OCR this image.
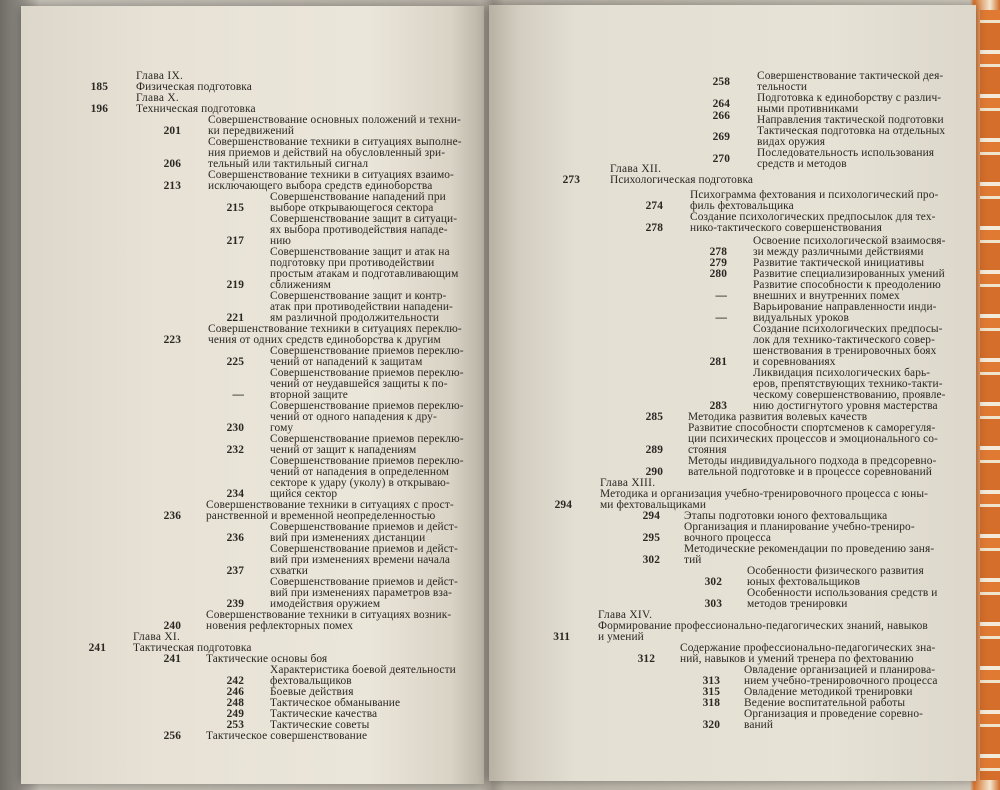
Глава IX.
185 Физическая подготовка
Глава X.
196 Техническая подготовка
Совершенствование основных положений и техни-
ки передвижений
201
Совершенствование техники в ситуациях выполне-
ния приемов и действий на обусловленный зри-
тельный или тактильный сигнал
206
Совершенствование техники в ситуациях взаимо-
213 исключающего выбора средств единоборства
Совершенствование нападений при
215 выборе открывающегося сектора
Совершенствование защит в ситуаци-
ях выбора противодействия нападе-
217 нию
Совершенствование защит и атак на
подготовку при противодействии
простым атакам и подготавливающим
219 сближениям
Совершенствование защит и контр-
атак при противодействии нападени-
221 ям различной продолжительности
Совершенствование техники в ситуациях переклю-
223 чения от одних средств единоборства к другим
Совершенствование приемов переклю-
225 чений от нападений к защитам
Совершенствование приемов переклю-
чений от неудавшейся защиты к по-
— вторной защите
Совершенствование приемов переклю-
чений от одного нападения к дру-
230 гому
Совершенствование приемов переклю-
232 чений от защит к нападениям
Совершенствование приемов переклю-
чений от нападения в определенном
секторе к удару (уколу) в открываю-
234 щийся сектор
Совершенствование техники в ситуациях с прост-
236 ранственной и временной неопределенностью
Совершенствование приемов и дейст-
236 вий при изменениях дистанции
Совершенствование приемов и дейст-
вий при изменениях времени начала
237 схватки
Совершенствование приемов и дейст-
вий при изменениях параметров вза-
239 имодействия оружием
Совершенствование техники в ситуациях возник-
240 новения рефлекторных помех
Глава XI.
241 Тактическая подготовка
241 Тактические основы боя
Характеристика боевой деятельности
242 фехтовальщиков
246 Боевые действия
248 Тактическое обманывание
249 Тактические качества
253 Тактические советы
256 Тактическое совершенствование
Совершенствование тактической дея-
258 тельности
Подготовка к единоборству с различ-
264 ными противниками
266 Направления тактической подготовки
Тактическая подготовка на отдельных
269 видах оружия
Последовательность использования
270 средств и методов
Глава XII.
273	Психологическая подготовка
Психограмма фехтования и психологический про-
274 филь фехтовальщика
Создание психологических предпосылок для тех-
278 нико-тактического совершенствования
Освоение психологической взаимосвя-
278 зи между различными действиями
279 Развитие тактической инициативы
280 Развитие специализированных умений
Развитие способности к преодолению
— внешних и внутренних помех
Варьирование направленности инди-
— видуальных уроков
Создание психологических предпосы-
лок для технико-тактического совер-
шенствования в тренировочных боях
281 и соревнованиях
Ликвидация психологических барь-
еров, препятствующих технико-такти-
ческому совершенствованию, проявле-
283 нию достигнутого уровня мастерства
285 Методика развития волевых качеств
Развитие способности спортсменов к саморегуля-
ции психических процессов и эмоционального со-
289 стояния
Методы индивидуального подхода в предсоревно-
290 вательной подготовке и в процессе соревнований
Глава XIII.
Методика и организация учебно-тренировочного процесса с юны-
294 ми фехтовальщиками
294 Этапы подготовки юного фехтовальщика
Организация и планирование учебно-трениро-
295 вочного процесса
Методические рекомендации по проведению заня-
302 тий
Особенности физического развития
302 юных фехтовальщиков
Особенности использования средств и
303 методов тренировки
Глава XIV.
Формирование профессионально-педагогических знаний, навыков
311 и умений
Содержание профессионально-педагогических зна-
312 ний, навыков и умений тренера по фехтованию
Овладение организацией и планирова-
313 нием учебно-тренировочного процесса
315 Овладение методикой тренировки
318 Ведение воспитательной работы
Организация и проведение соревно-
320 ваний
